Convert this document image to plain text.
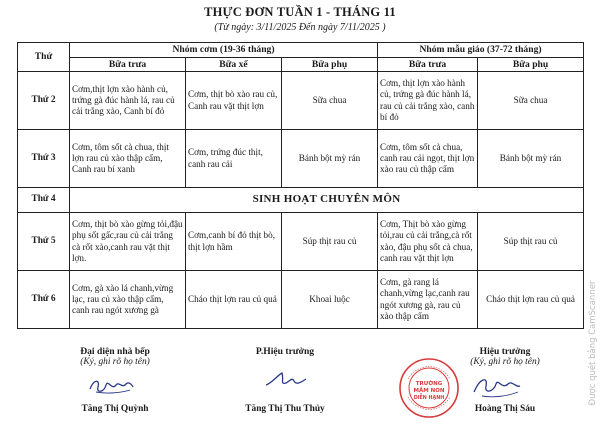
THỰC ĐƠN TUẦN 1 - THÁNG 11
(Từ ngày: 3/11/2025 Đến ngày 7/11/2025 )
Thứ	Nhóm cơm (19-36 tháng)			Nhóm mẫu giáo (37-72 tháng)	
	Bữa trưa	Bữa xế	Bữa phụ	Bữa trưa	Bữa phụ
Thứ 2	Cơm,thịt lợn xào hành củ, trứng gà đúc hành lá, rau củ cải trắng xào, Canh bí đỏ	Cơm, thịt bò xào rau củ, Canh rau vặt thịt lợn	Sữa chua	Cơm, thịt lợn xào hành củ, trứng gà đúc hành lá, rau củ cải trắng xào, canh bí đỏ	Sữa chua
Thứ 3	Cơm, tôm sốt cà chua, thịt lợn rau củ xào thập cẩm, Canh rau bí xanh	Cơm, trứng đúc thịt, canh rau cải	Bánh bột mỳ rán	Cơm, tôm sốt cà chua, canh rau cải ngọt, thịt lợn xào rau củ thập cẩm	Bánh bột mỳ rán
Thứ 4	SINH HOẠT CHUYÊN MÔN				
Thứ 5	Cơm, thịt bò xào gừng tỏi,đậu phụ sốt gấc,rau củ cải trắng cà rốt xào,canh rau vặt thịt lợn.	Cơm,canh bí đỏ thịt bò, thịt lợn hầm	Súp thịt rau củ	Cơm, Thịt bò xào gừng tỏi,rau củ cải trắng,cà rốt xào, đậu phụ sốt cà chua, canh rau vặt thịt lợn	Súp thịt rau củ
Thứ 6	Cơm, gà xào lá chanh,vừng lạc, rau củ xào thập cẩm, canh rau ngót xương gà	Cháo thịt lợn rau củ quả	Khoai luộc	Cơm, gà rang lá chanh,vừng lạc,canh rau ngót xương gà, rau củ xào thập cẩm	Cháo thịt lợn rau củ quả
Đại diện nhà bếp
(Ký, ghi rõ họ tên)
Tăng Thị Quỳnh
P.Hiệu trưởng
Tăng Thị Thu Thủy
Hiệu trưởng
(Ký, ghi rõ họ tên)
Hoàng Thị Sáu
TRƯỜNG
MẦM NON
DIỄN HẠNH	Được quét bằng CamScanner
